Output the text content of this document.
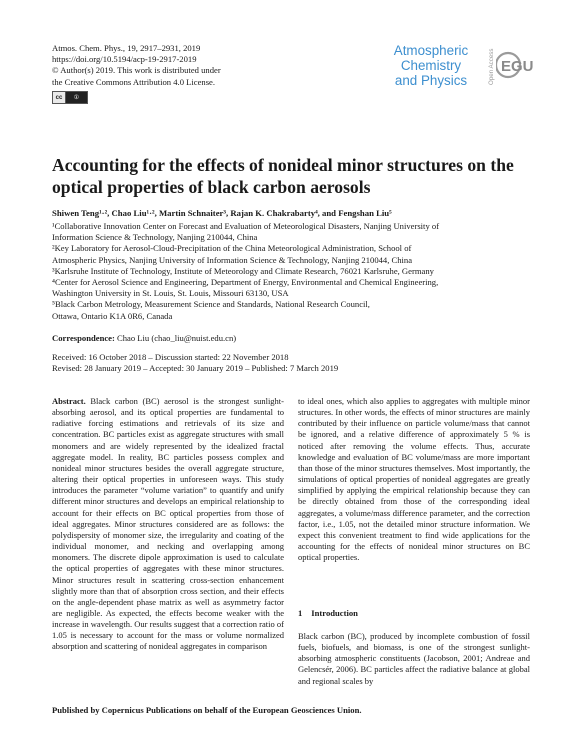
Atmos. Chem. Phys., 19, 2917–2931, 2019
https://doi.org/10.5194/acp-19-2917-2019
© Author(s) 2019. This work is distributed under
the Creative Commons Attribution 4.0 License.
cc	①
Atmospheric
Chemistry
and Physics	Open Access EGU
Accounting for the effects of nonideal minor structures on the optical properties of black carbon aerosols
Shiwen Teng¹·², Chao Liu¹·², Martin Schnaiter³, Rajan K. Chakrabarty⁴, and Fengshan Liu⁵
¹Collaborative Innovation Center on Forecast and Evaluation of Meteorological Disasters, Nanjing University of
Information Science & Technology, Nanjing 210044, China
²Key Laboratory for Aerosol-Cloud-Precipitation of the China Meteorological Administration, School of
Atmospheric Physics, Nanjing University of Information Science & Technology, Nanjing 210044, China
³Karlsruhe Institute of Technology, Institute of Meteorology and Climate Research, 76021 Karlsruhe, Germany
⁴Center for Aerosol Science and Engineering, Department of Energy, Environmental and Chemical Engineering,
Washington University in St. Louis, St. Louis, Missouri 63130, USA
⁵Black Carbon Metrology, Measurement Science and Standards, National Research Council,
Ottawa, Ontario K1A 0R6, Canada
Correspondence: Chao Liu (chao_liu@nuist.edu.cn)
Received: 16 October 2018 – Discussion started: 22 November 2018
Revised: 28 January 2019 – Accepted: 30 January 2019 – Published: 7 March 2019

Abstract. Black carbon (BC) aerosol is the strongest sunlight-absorbing aerosol, and its optical properties are fundamental to radiative forcing estimations and retrievals of its size and concentration. BC particles exist as aggregate structures with small monomers and are widely represented by the idealized fractal aggregate model. In reality, BC particles possess complex and nonideal minor structures besides the overall aggregate structure, altering their optical properties in unforeseen ways. This study introduces the parameter “volume variation” to quantify and unify different minor structures and develops an empirical relationship to account for their effects on BC optical properties from those of ideal aggregates. Minor structures considered are as follows: the polydispersity of monomer size, the irregularity and coating of the individual monomer, and necking and overlapping among monomers. The discrete dipole approximation is used to calculate the optical properties of aggregates with these minor structures. Minor structures result in scattering cross-section enhancement slightly more than that of absorption cross section, and their effects on the angle-dependent phase matrix as well as asymmetry factor are negligible. As expected, the effects become weaker with the increase in wavelength. Our results suggest that a correction ratio of 1.05 is necessary to account for the mass or volume normalized absorption and scattering of nonideal aggregates in comparison

to ideal ones, which also applies to aggregates with multiple minor structures. In other words, the effects of minor structures are mainly contributed by their influence on particle volume/mass that cannot be ignored, and a relative difference of approximately 5 % is noticed after removing the volume effects. Thus, accurate knowledge and evaluation of BC volume/mass are more important than those of the minor structures themselves. Most importantly, the simulations of optical properties of nonideal aggregates are greatly simplified by applying the empirical relationship because they can be directly obtained from those of the corresponding ideal aggregates, a volume/mass difference parameter, and the correction factor, i.e., 1.05, not the detailed minor structure information. We expect this convenient treatment to find wide applications for the accounting for the effects of nonideal minor structures on BC optical properties.

1 Introduction

Black carbon (BC), produced by incomplete combustion of fossil fuels, biofuels, and biomass, is one of the strongest sunlight-absorbing atmospheric constituents (Jacobson, 2001; Andreae and Gelencsér, 2006). BC particles affect the radiative balance at global and regional scales by

Published by Copernicus Publications on behalf of the European Geosciences Union.
